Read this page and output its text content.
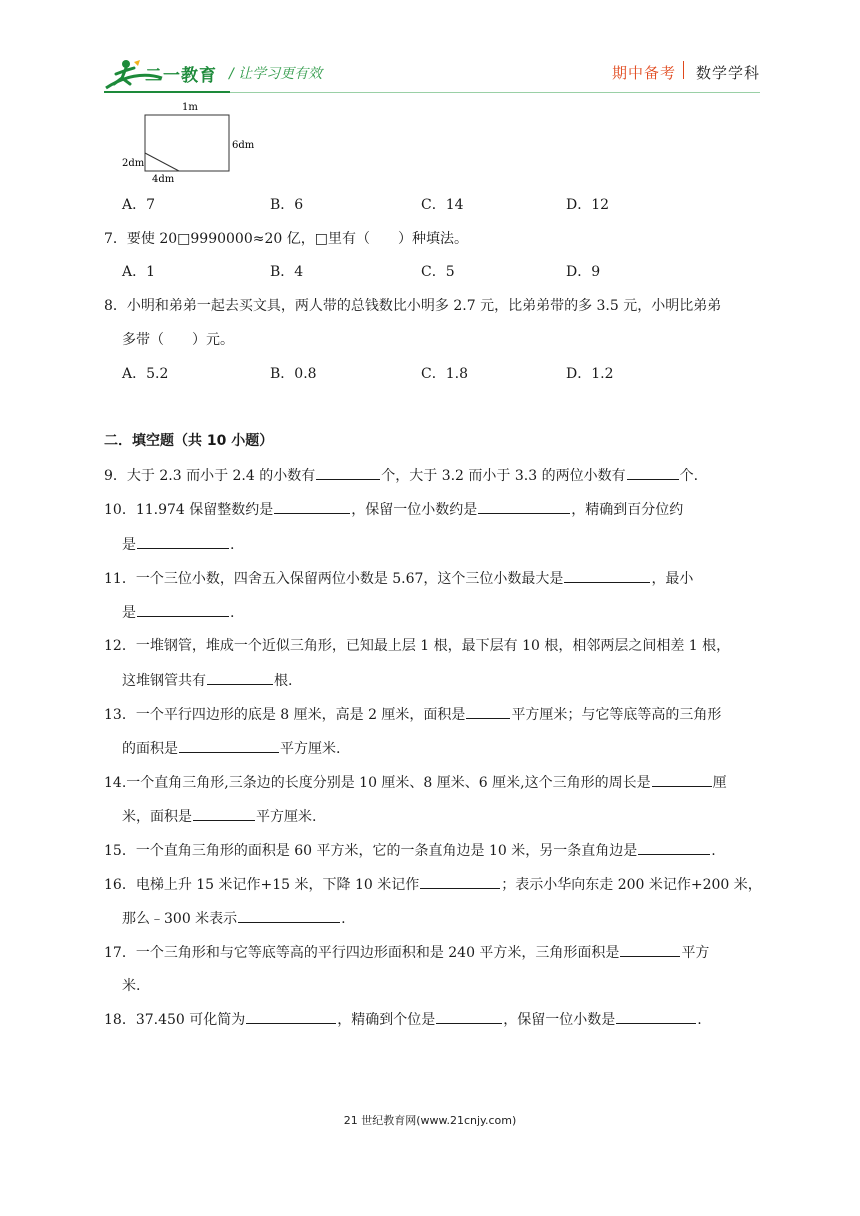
二一教育 / 让学习更有效	期中备考 数学学科
1m
6dm
2dm
4dm
A．7	B．6	C．14	D．12
7．要使 20□9990000≈20 亿，□里有（　　）种填法。
A．1	B．4	C．5	D．9
8．小明和弟弟一起去买文具，两人带的总钱数比小明多 2.7 元，比弟弟带的多 3.5 元，小明比弟弟
多带（　　）元。
A．5.2	B．0.8	C．1.8	D．1.2
二．填空题（共 10 小题）
9．大于 2.3 而小于 2.4 的小数有	个，大于 3.2 而小于 3.3 的两位小数有	个.
10．11.974 保留整数约是	，保留一位小数约是	，精确到百分位约
是	.
11．一个三位小数，四舍五入保留两位小数是 5.67，这个三位小数最大是	，最小
是	.
12．一堆钢管，堆成一个近似三角形，已知最上层 1 根，最下层有 10 根，相邻两层之间相差 1 根，
这堆钢管共有	根.
13．一个平行四边形的底是 8 厘米，高是 2 厘米，面积是	平方厘米；与它等底等高的三角形
的面积是	平方厘米.
14.一个直角三角形,三条边的长度分别是 10 厘米、8 厘米、6 厘米,这个三角形的周长是	厘
米，面积是	平方厘米.
15．一个直角三角形的面积是 60 平方米，它的一条直角边是 10 米，另一条直角边是	.
16．电梯上升 15 米记作+15 米，下降 10 米记作	；表示小华向东走 200 米记作+200 米，
那么﹣300 米表示	.
17．一个三角形和与它等底等高的平行四边形面积和是 240 平方米，三角形面积是	平方
米.
18．37.450 可化简为	，精确到个位是	，保留一位小数是	.
21 世纪教育网(www.21cnjy.com)
